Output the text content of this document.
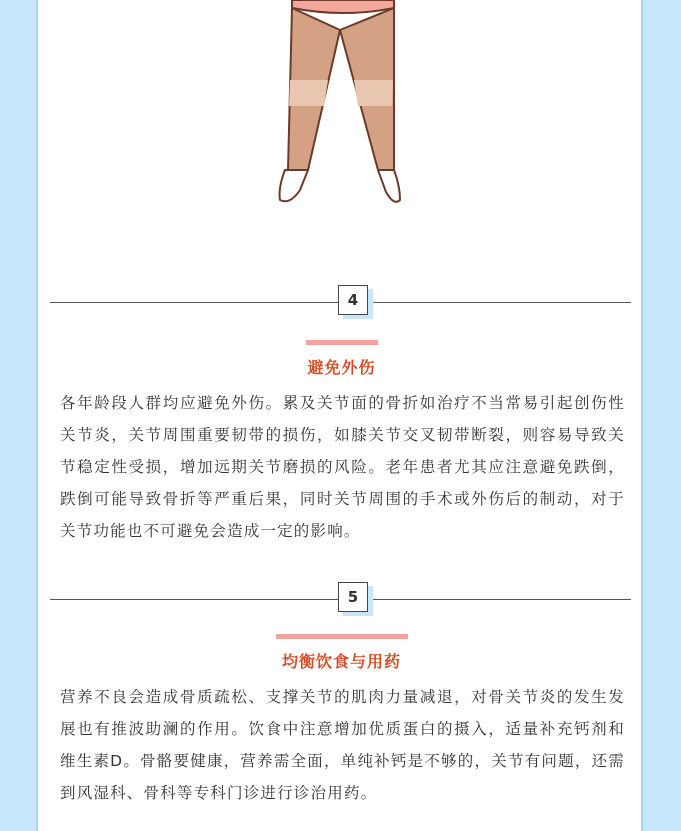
4
避免外伤
各年龄段人群均应避免外伤。累及关节面的骨折如治疗不当常易引起创伤性关节炎，关节周围重要韧带的损伤，如膝关节交叉韧带断裂，则容易导致关节稳定性受损，增加远期关节磨损的风险。老年患者尤其应注意避免跌倒，跌倒可能导致骨折等严重后果，同时关节周围的手术或外伤后的制动，对于关节功能也不可避免会造成一定的影响。
5
均衡饮食与用药
营养不良会造成骨质疏松、支撑关节的肌肉力量减退，对骨关节炎的发生发展也有推波助澜的作用。饮食中注意增加优质蛋白的摄入，适量补充钙剂和维生素D。骨骼要健康，营养需全面，单纯补钙是不够的，关节有问题，还需到风湿科、骨科等专科门诊进行诊治用药。
